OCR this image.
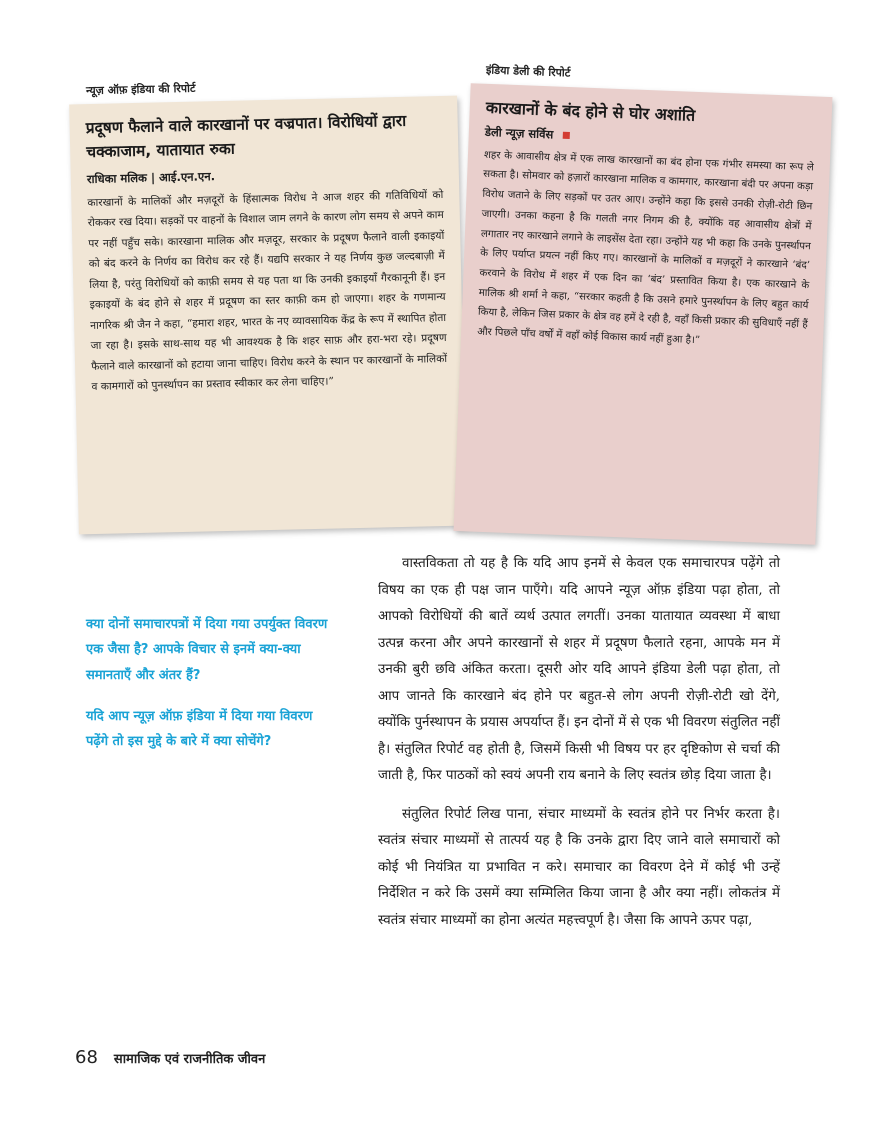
न्यूज़ ऑफ़ इंडिया की रिपोर्ट
प्रदूषण फैलाने वाले कारखानों पर वज्रपात। विरोधियों द्वारा चक्काजाम, यातायात रुका
राधिका मलिक | आई.एन.एन.

कारखानों के मालिकों और मज़दूरों के हिंसात्मक विरोध ने आज शहर की गतिविधियों को रोककर रख दिया। सड़कों पर वाहनों के विशाल जाम लगने के कारण लोग समय से अपने काम पर नहीं पहुँच सके। कारखाना मालिक और मज़दूर, सरकार के प्रदूषण फैलाने वाली इकाइयों को बंद करने के निर्णय का विरोध कर रहे हैं। यद्यपि सरकार ने यह निर्णय कुछ जल्दबाज़ी में लिया है, परंतु विरोधियों को काफ़ी समय से यह पता था कि उनकी इकाइयाँ गैरकानूनी हैं। इन इकाइयों के बंद होने से शहर में प्रदूषण का स्तर काफ़ी कम हो जाएगा। शहर के गणमान्य नागरिक श्री जैन ने कहा, “हमारा शहर, भारत के नए व्यावसायिक केंद्र के रूप में स्थापित होता जा रहा है। इसके साथ-साथ यह भी आवश्यक है कि शहर साफ़ और हरा-भरा रहे। प्रदूषण फैलाने वाले कारखानों को हटाया जाना चाहिए। विरोध करने के स्थान पर कारखानों के मालिकों व कामगारों को पुनर्स्थापन का प्रस्ताव स्वीकार कर लेना चाहिए।”

इंडिया डेली की रिपोर्ट
कारखानों के बंद होने से घोर अशांति
डेली न्यूज़ सर्विस

शहर के आवासीय क्षेत्र में एक लाख कारखानों का बंद होना एक गंभीर समस्या का रूप ले सकता है। सोमवार को हज़ारों कारखाना मालिक व कामगार, कारखाना बंदी पर अपना कड़ा विरोध जताने के लिए सड़कों पर उतर आए। उन्होंने कहा कि इससे उनकी रोज़ी-रोटी छिन जाएगी। उनका कहना है कि गलती नगर निगम की है, क्योंकि वह आवासीय क्षेत्रों में लगातार नए कारखाने लगाने के लाइसेंस देता रहा। उन्होंने यह भी कहा कि उनके पुनर्स्थापन के लिए पर्याप्त प्रयत्न नहीं किए गए। कारखानों के मालिकों व मज़दूरों ने कारखाने ‘बंद’ करवाने के विरोध में शहर में एक दिन का ‘बंद’ प्रस्तावित किया है। एक कारखाने के मालिक श्री शर्मा ने कहा, “सरकार कहती है कि उसने हमारे पुनर्स्थापन के लिए बहुत कार्य किया है, लेकिन जिस प्रकार के क्षेत्र वह हमें दे रही है, वहाँ किसी प्रकार की सुविधाएँ नहीं हैं और पिछले पाँच वर्षों में वहाँ कोई विकास कार्य नहीं हुआ है।”

क्या दोनों समाचारपत्रों में दिया गया उपर्युक्त विवरण एक जैसा है? आपके विचार से इनमें क्या-क्या समानताएँ और अंतर हैं?

यदि आप न्यूज़ ऑफ़ इंडिया में दिया गया विवरण पढ़ेंगे तो इस मुद्दे के बारे में क्या सोचेंगे?

वास्तविकता तो यह है कि यदि आप इनमें से केवल एक समाचारपत्र पढ़ेंगे तो विषय का एक ही पक्ष जान पाएँगे। यदि आपने न्यूज़ ऑफ़ इंडिया पढ़ा होता, तो आपको विरोधियों की बातें व्यर्थ उत्पात लगतीं। उनका यातायात व्यवस्था में बाधा उत्पन्न करना और अपने कारखानों से शहर में प्रदूषण फैलाते रहना, आपके मन में उनकी बुरी छवि अंकित करता। दूसरी ओर यदि आपने इंडिया डेली पढ़ा होता, तो आप जानते कि कारखाने बंद होने पर बहुत-से लोग अपनी रोज़ी-रोटी खो देंगे, क्योंकि पुर्नस्थापन के प्रयास अपर्याप्त हैं। इन दोनों में से एक भी विवरण संतुलित नहीं है। संतुलित रिपोर्ट वह होती है, जिसमें किसी भी विषय पर हर दृष्टिकोण से चर्चा की जाती है, फिर पाठकों को स्वयं अपनी राय बनाने के लिए स्वतंत्र छोड़ दिया जाता है।

संतुलित रिपोर्ट लिख पाना, संचार माध्यमों के स्वतंत्र होने पर निर्भर करता है। स्वतंत्र संचार माध्यमों से तात्पर्य यह है कि उनके द्वारा दिए जाने वाले समाचारों को कोई भी नियंत्रित या प्रभावित न करे। समाचार का विवरण देने में कोई भी उन्हें निर्देशित न करे कि उसमें क्या सम्मिलित किया जाना है और क्या नहीं। लोकतंत्र में स्वतंत्र संचार माध्यमों का होना अत्यंत महत्त्वपूर्ण है। जैसा कि आपने ऊपर पढ़ा,

68 सामाजिक एवं राजनीतिक जीवन
